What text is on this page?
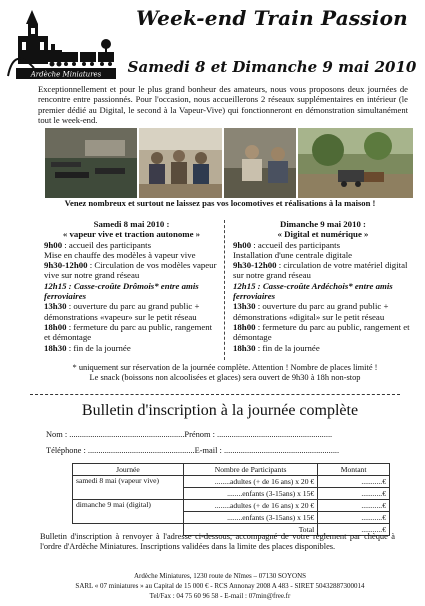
Ardèche Miniatures
Week-end Train Passion
Samedi 8 et Dimanche 9 mai 2010
Exceptionnellement et pour le plus grand bonheur des amateurs, nous vous proposons deux journées de rencontre entre passionnés. Pour l'occasion, nous accueillerons 2 réseaux supplémentaires en intérieur (le premier dédié au Digital, le second à la Vapeur-Vive) qui fonctionneront en démonstration simultanément tout le week-end.
Venez nombreux et surtout ne laissez pas vos locomotives et réalisations à la maison !

Samedi 8 mai 2010 :

« vapeur vive et traction autonome »

9h00 : accueil des participants

Mise en chauffe des modèles à vapeur vive

9h30-12h00 : Circulation de vos modèles vapeur vive sur notre grand réseau

12h15 : Casse-croûte Drômois* entre amis ferroviaires

13h30 : ouverture du parc au grand public + démonstrations «vapeur» sur le petit réseau

18h00 : fermeture du parc au public, rangement et démontage

18h30 : fin de la journée

Dimanche 9 mai 2010 :

« Digital et numérique »

9h00 : accueil des participants

Installation d'une centrale digitale

9h30-12h00 : circulation de votre matériel digital sur notre grand réseau

12h15 : Casse-croûte Ardéchois* entre amis ferroviaires

13h30 : ouverture du parc au grand public + démonstrations «digital» sur le petit réseau

18h00 : fermeture du parc au public, rangement et démontage

18h30 : fin de la journée

* uniquement sur réservation de la journée complète. Attention ! Nombre de places limité !
Le snack (boissons non alcoolisées et glaces) sera ouvert de 9h30 à 18h non-stop
Bulletin d'inscription à la journée complète
Nom : .......................................................Prénom : .......................................................
Téléphone : ...................................................E-mail : .......................................................
Journée	Nombre de Participants	Montant
samedi 8 mai (vapeur vive)	........adultes (+ de 16 ans) x 20 €	...........€
	........enfants (3-15ans) x 15€	...........€
dimanche 9 mai (digital)	........adultes (+ de 16 ans) x 20 €	...........€
	........enfants (3-15ans) x 15€	...........€
	Total	...........€
Bulletin d'inscription à renvoyer à l'adresse ci-dessous, accompagné de votre règlement par chèque à l'ordre d'Ardèche Miniatures. Inscriptions validées dans la limite des places disponibles.
Ardèche Miniatures, 1230 route de Nîmes – 07130 SOYONS
SARL « 07 miniatures » au Capital de 15 000 € - RCS Annonay 2008 A 483 - SIRET 50432887300014
Tel/Fax : 04 75 60 96 58 - E-mail : 07min@free.fr
